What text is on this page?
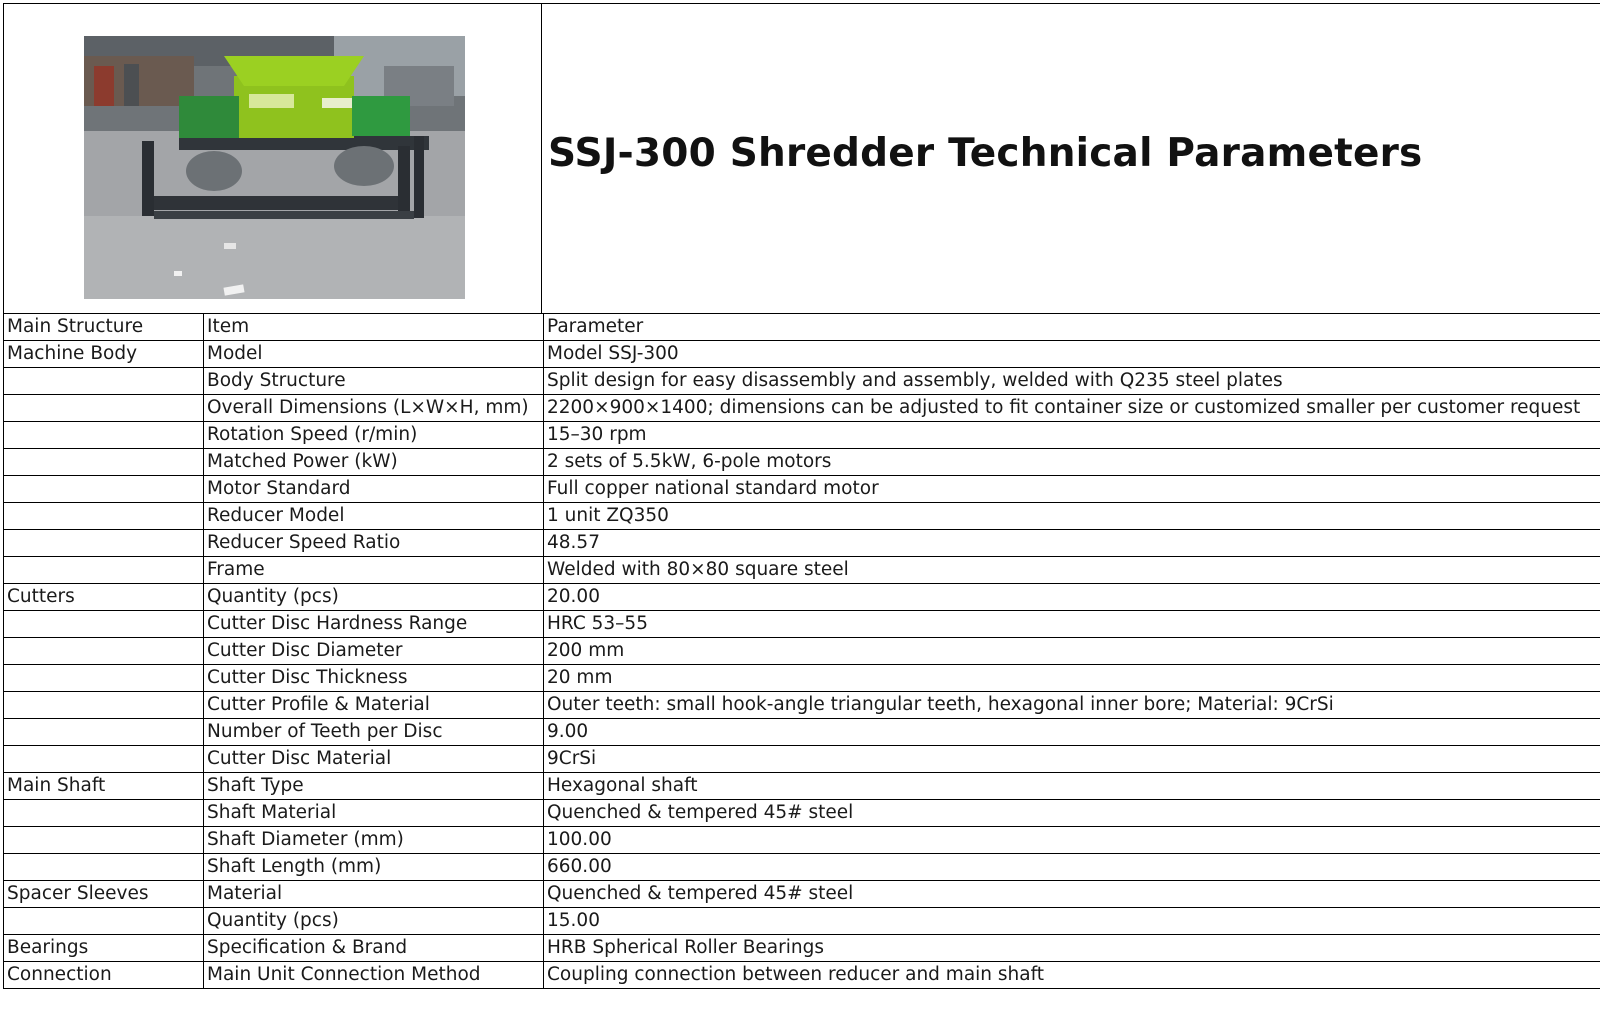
SSJ-300 Shredder Technical Parameters
Main Structure	Item	Parameter
Machine Body	Model	Model SSJ-300
	Body Structure	Split design for easy disassembly and assembly, welded with Q235 steel plates
	Overall Dimensions (L×W×H, mm)	2200×900×1400; dimensions can be adjusted to fit container size or customized smaller per customer request
	Rotation Speed (r/min)	15–30 rpm
	Matched Power (kW)	2 sets of 5.5kW, 6-pole motors
	Motor Standard	Full copper national standard motor
	Reducer Model	1 unit ZQ350
	Reducer Speed Ratio	48.57
	Frame	Welded with 80×80 square steel
Cutters	Quantity (pcs)	20.00
	Cutter Disc Hardness Range	HRC 53–55
	Cutter Disc Diameter	200 mm
	Cutter Disc Thickness	20 mm
	Cutter Profile & Material	Outer teeth: small hook-angle triangular teeth, hexagonal inner bore; Material: 9CrSi
	Number of Teeth per Disc	9.00
	Cutter Disc Material	9CrSi
Main Shaft	Shaft Type	Hexagonal shaft
	Shaft Material	Quenched & tempered 45# steel
	Shaft Diameter (mm)	100.00
	Shaft Length (mm)	660.00
Spacer Sleeves	Material	Quenched & tempered 45# steel
	Quantity (pcs)	15.00
Bearings	Specification & Brand	HRB Spherical Roller Bearings
Connection	Main Unit Connection Method	Coupling connection between reducer and main shaft
